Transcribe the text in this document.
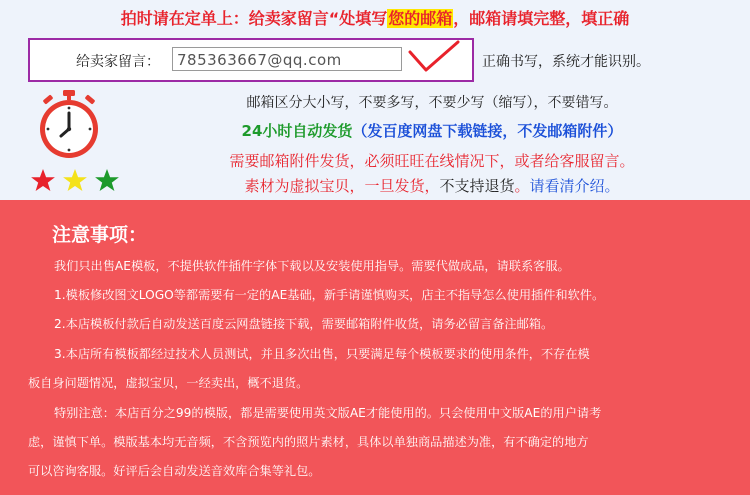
拍时请在定单上：给卖家留言“处填写您的邮箱，邮箱请填完整，填正确
给卖家留言：	785363667@qq.com	正确书写，系统才能识别。
邮箱区分大小写，不要多写，不要少写（缩写），不要错写。
24小时自动发货（发百度网盘下载链接，不发邮箱附件）
需要邮箱附件发货，必须旺旺在线情况下，或者给客服留言。
素材为虚拟宝贝，一旦发货，不支持退货。请看清介绍。
注意事项：
我们只出售AE模板，不提供软件插件字体下载以及安装使用指导。需要代做成品，请联系客服。
1.模板修改图文LOGO等都需要有一定的AE基础，新手请谨慎购买，店主不指导怎么使用插件和软件。
2.本店模板付款后自动发送百度云网盘链接下载，需要邮箱附件收货，请务必留言备注邮箱。
3.本店所有模板都经过技术人员测试，并且多次出售，只要满足每个模板要求的使用条件，不存在模
板自身问题情况，虚拟宝贝，一经卖出，概不退货。
特别注意：本店百分之99的模版，都是需要使用英文版AE才能使用的。只会使用中文版AE的用户请考
虑，谨慎下单。模版基本均无音频，不含预览内的照片素材，具体以单独商品描述为准，有不确定的地方
可以咨询客服。好评后会自动发送音效库合集等礼包。
